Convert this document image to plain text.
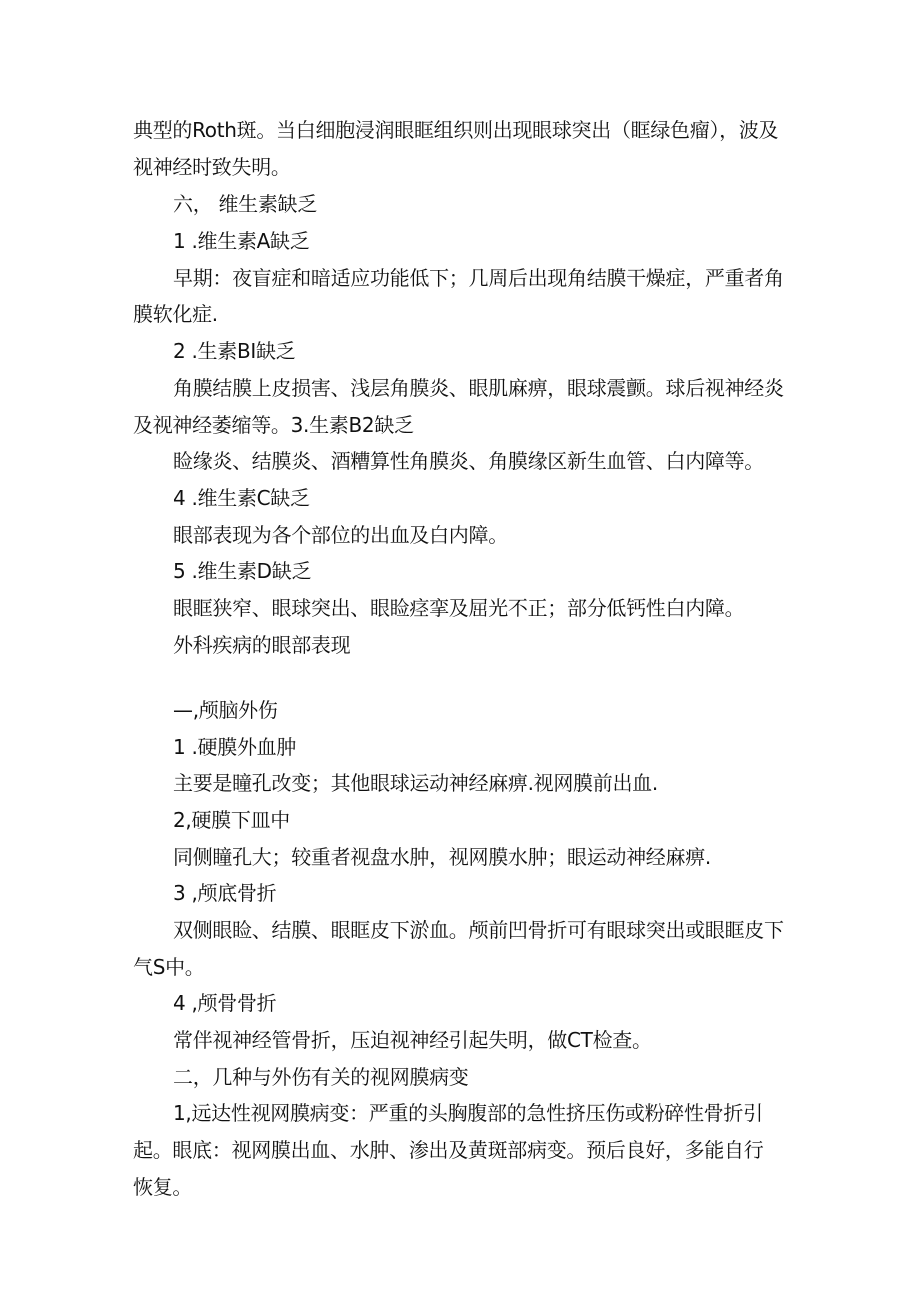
典型的Roth斑。当白细胞浸润眼眶组织则出现眼球突出（眶绿色瘤），波及

视神经时致失明。

六， 维生素缺乏

1 .维生素A缺乏

早期：夜盲症和暗适应功能低下；几周后出现角结膜干燥症，严重者角

膜软化症.

2 .生素BI缺乏

角膜结膜上皮损害、浅层角膜炎、眼肌麻痹，眼球震颤。球后视神经炎

及视神经萎缩等。3.生素B2缺乏

睑缘炎、结膜炎、酒糟算性角膜炎、角膜缘区新生血管、白内障等。

4 .维生素C缺乏

眼部表现为各个部位的出血及白内障。

5 .维生素D缺乏

眼眶狭窄、眼球突出、眼睑痉挛及屈光不正；部分低钙性白内障。

外科疾病的眼部表现

—,颅脑外伤

1 .硬膜外血肿

主要是瞳孔改变；其他眼球运动神经麻痹.视网膜前出血.

2,硬膜下皿中

同侧瞳孔大；较重者视盘水肿，视网膜水肿；眼运动神经麻痹.

3 ,颅底骨折

双侧眼睑、结膜、眼眶皮下淤血。颅前凹骨折可有眼球突出或眼眶皮下

气S中。

4 ,颅骨骨折

常伴视神经管骨折，压迫视神经引起失明，做CT检查。

二，几种与外伤有关的视网膜病变

1,远达性视网膜病变：严重的头胸腹部的急性挤压伤或粉碎性骨折引

起。眼底：视网膜出血、水肿、渗出及黄斑部病变。预后良好，多能自行

恢复。
